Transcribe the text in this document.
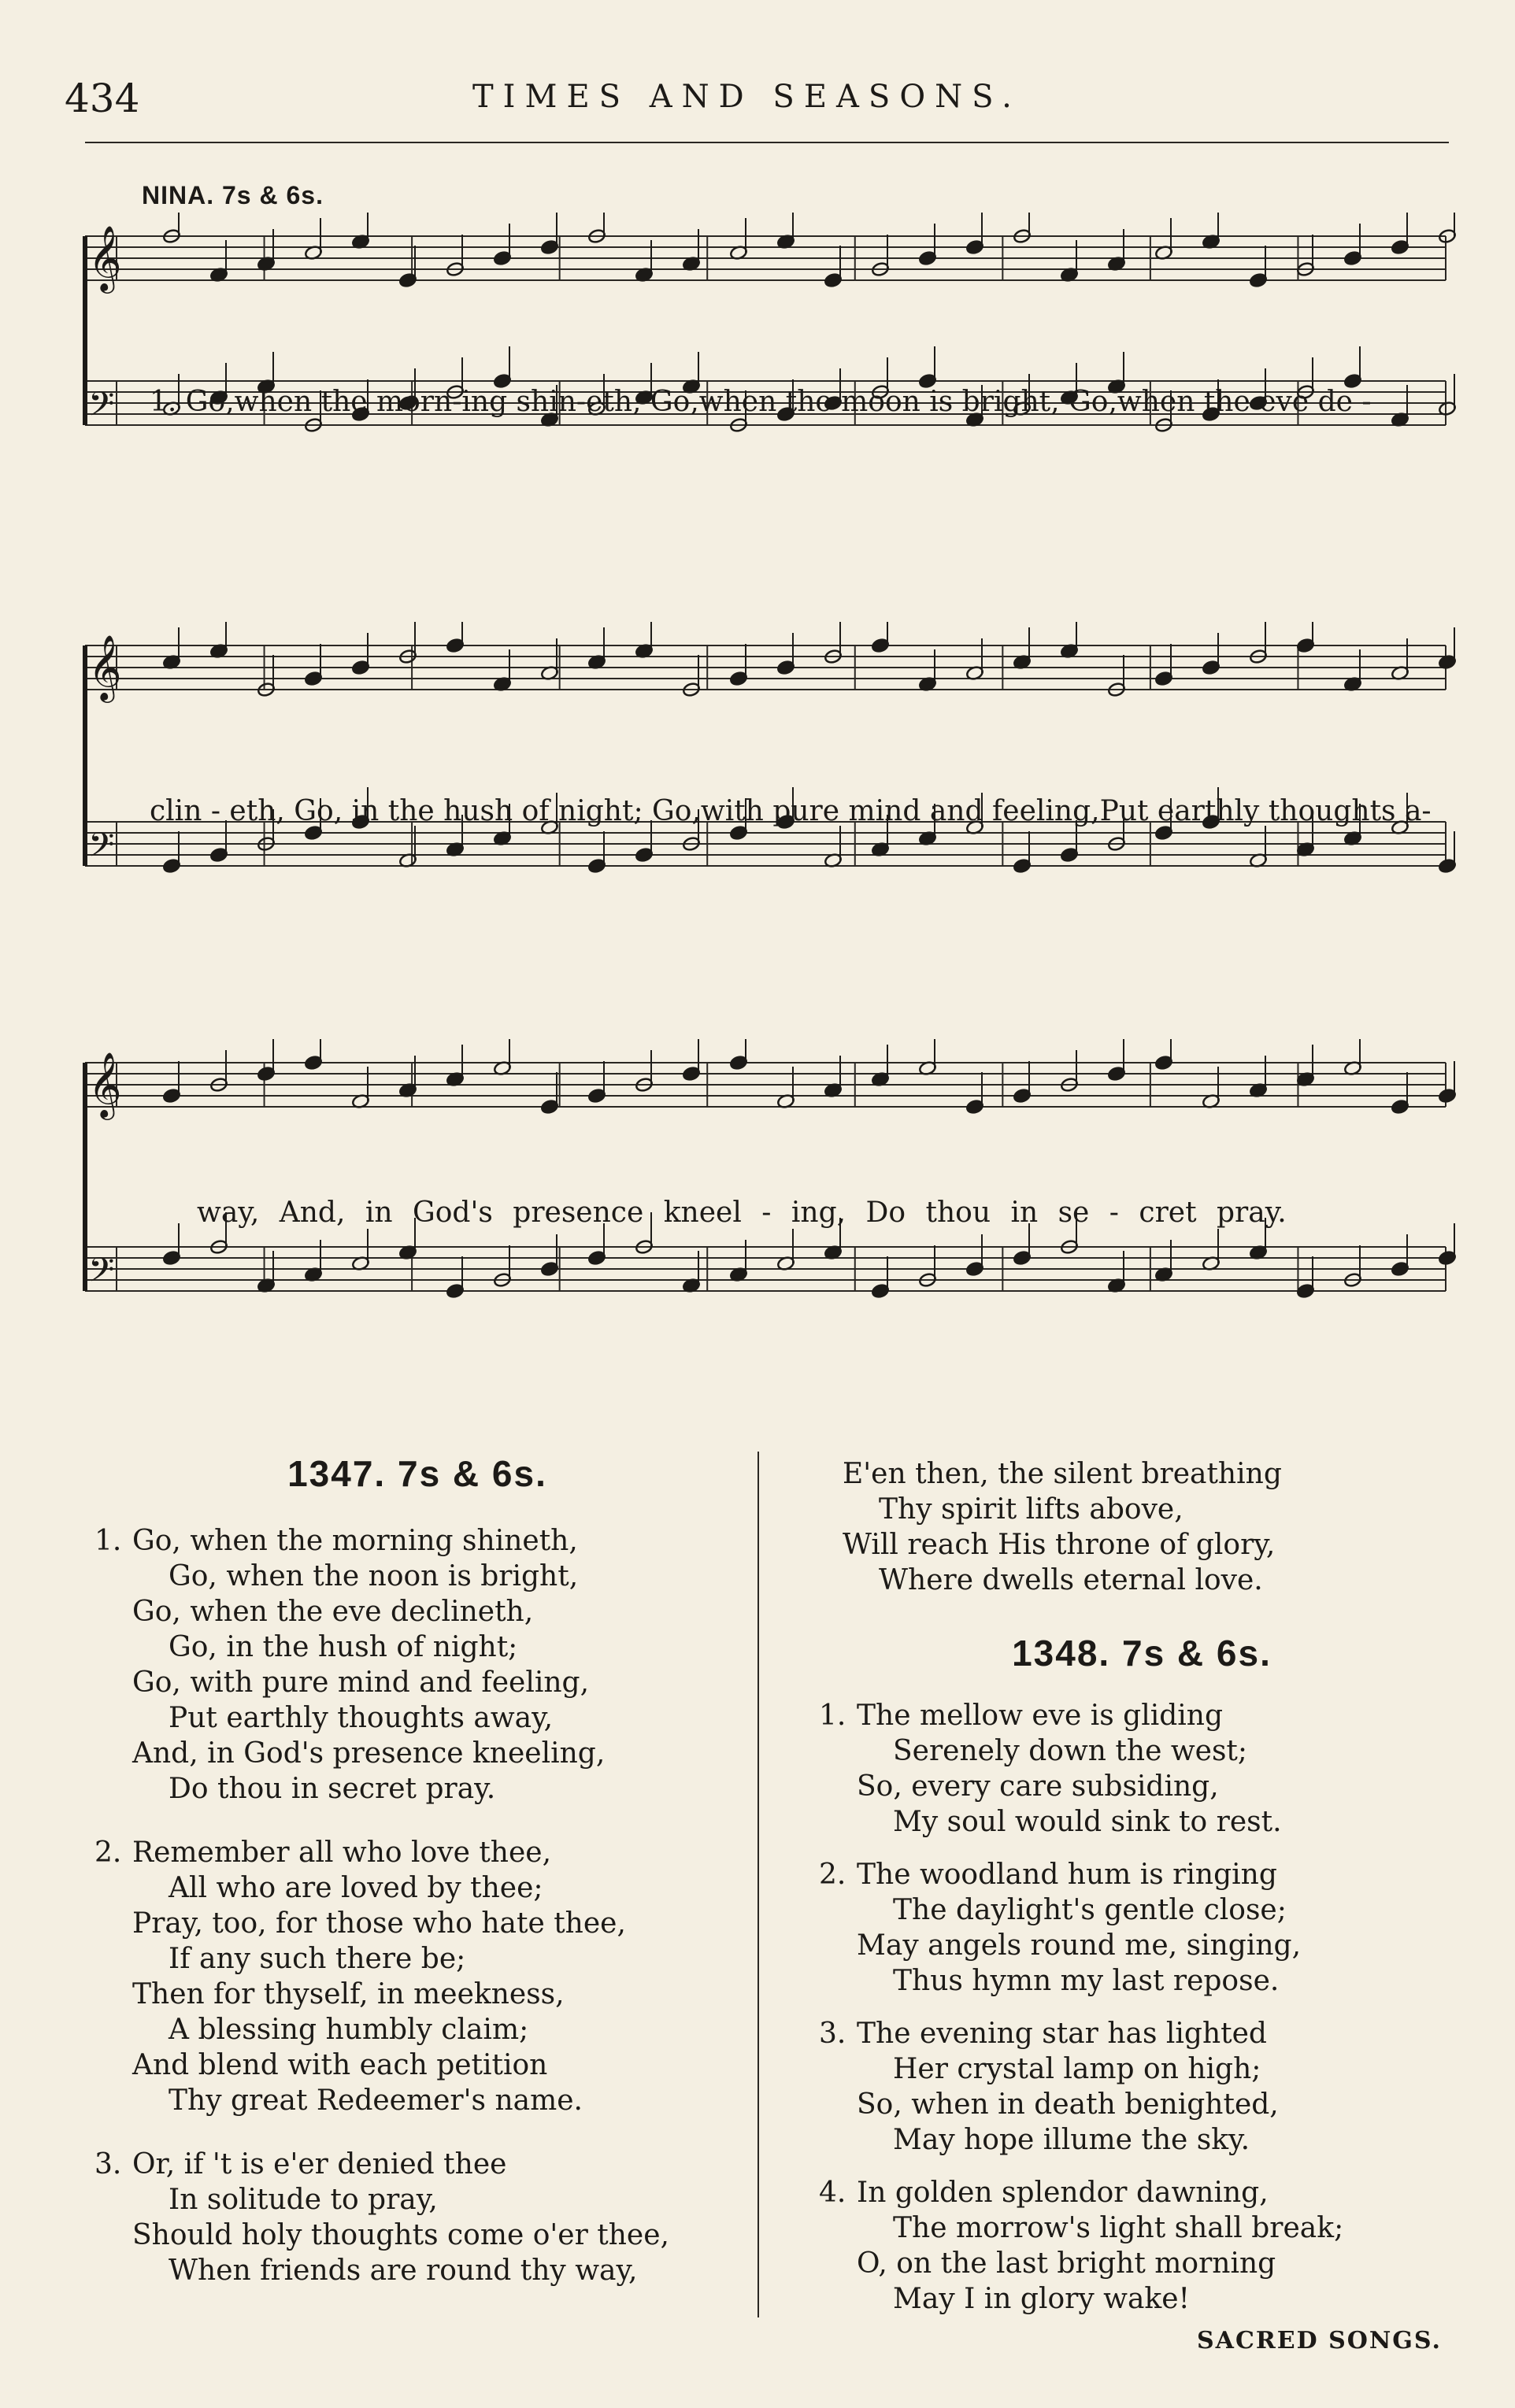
434	TIMES AND SEASONS.
NINA. 7s & 6s.
𝄞
𝄢 1. Go,when the morn-ing shin-eth, Go,when the moon is bright, Go,when the eve de -
𝄞
𝄢
clin - eth, Go, in the hush of night; Go,with pure mind and feeling,Put earthly thoughts a-
𝄞
𝄢
way, And, in God's presence kneel - ing, Do thou in se - cret pray.
1347. 7s & 6s.
1. Go, when the morning shineth,
Go, when the noon is bright,
Go, when the eve declineth,
Go, in the hush of night;
Go, with pure mind and feeling,
Put earthly thoughts away,
And, in God's presence kneeling,
Do thou in secret pray.
2. Remember all who love thee,
All who are loved by thee;
Pray, too, for those who hate thee,
If any such there be;
Then for thyself, in meekness,
A blessing humbly claim;
And blend with each petition
Thy great Redeemer's name.
3. Or, if 't is e'er denied thee
In solitude to pray,
Should holy thoughts come o'er thee,
When friends are round thy way,
E'en then, the silent breathing
Thy spirit lifts above,
Will reach His throne of glory,
Where dwells eternal love.
1348. 7s & 6s.
1. The mellow eve is gliding
Serenely down the west;
So, every care subsiding,
My soul would sink to rest.
2. The woodland hum is ringing
The daylight's gentle close;
May angels round me, singing,
Thus hymn my last repose.
3. The evening star has lighted
Her crystal lamp on high;
So, when in death benighted,
May hope illume the sky.
4. In golden splendor dawning,
The morrow's light shall break;
O, on the last bright morning
May I in glory wake!
SACRED SONGS.
